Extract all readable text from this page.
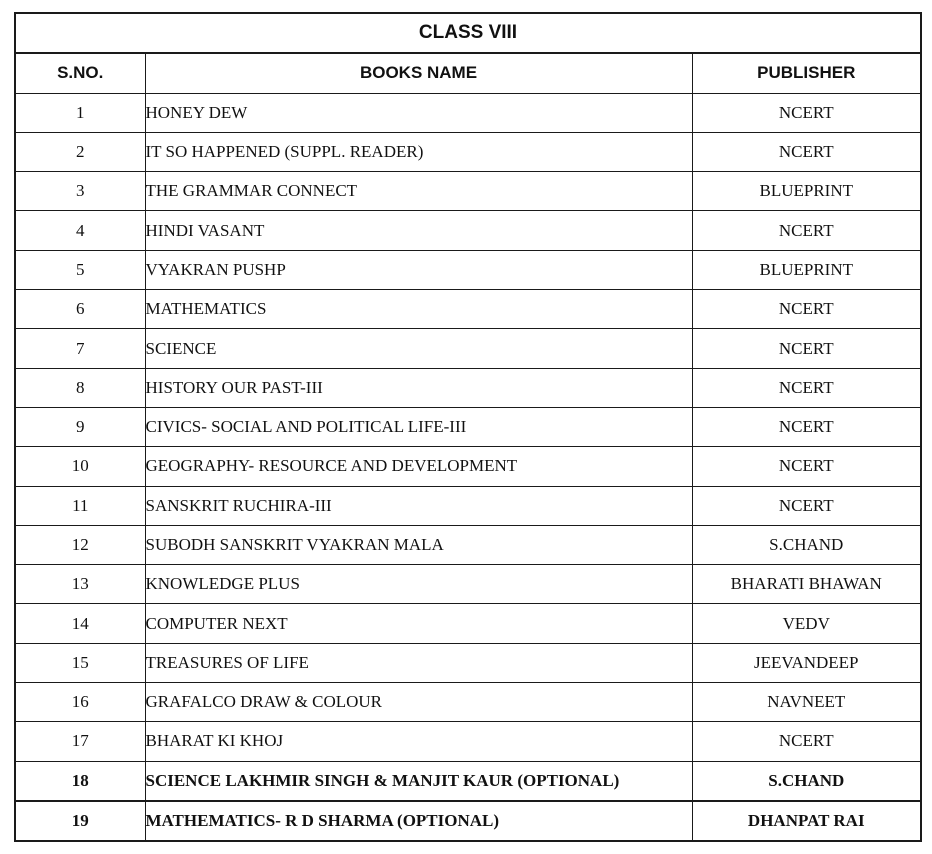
CLASS VIII		
S.NO.	BOOKS NAME	PUBLISHER
1	HONEY DEW	NCERT
2	IT SO HAPPENED (SUPPL. READER)	NCERT
3	THE GRAMMAR CONNECT	BLUEPRINT
4	HINDI VASANT	NCERT
5	VYAKRAN PUSHP	BLUEPRINT
6	MATHEMATICS	NCERT
7	SCIENCE	NCERT
8	HISTORY OUR PAST-III	NCERT
9	CIVICS- SOCIAL AND POLITICAL LIFE-III	NCERT
10	GEOGRAPHY- RESOURCE AND DEVELOPMENT	NCERT
11	SANSKRIT RUCHIRA-III	NCERT
12	SUBODH SANSKRIT VYAKRAN MALA	S.CHAND
13	KNOWLEDGE PLUS	BHARATI BHAWAN
14	COMPUTER NEXT	VEDV
15	TREASURES OF LIFE	JEEVANDEEP
16	GRAFALCO DRAW & COLOUR	NAVNEET
17	BHARAT KI KHOJ	NCERT
18	SCIENCE LAKHMIR SINGH & MANJIT KAUR (OPTIONAL)	S.CHAND
19	MATHEMATICS- R D SHARMA (OPTIONAL)	DHANPAT RAI
